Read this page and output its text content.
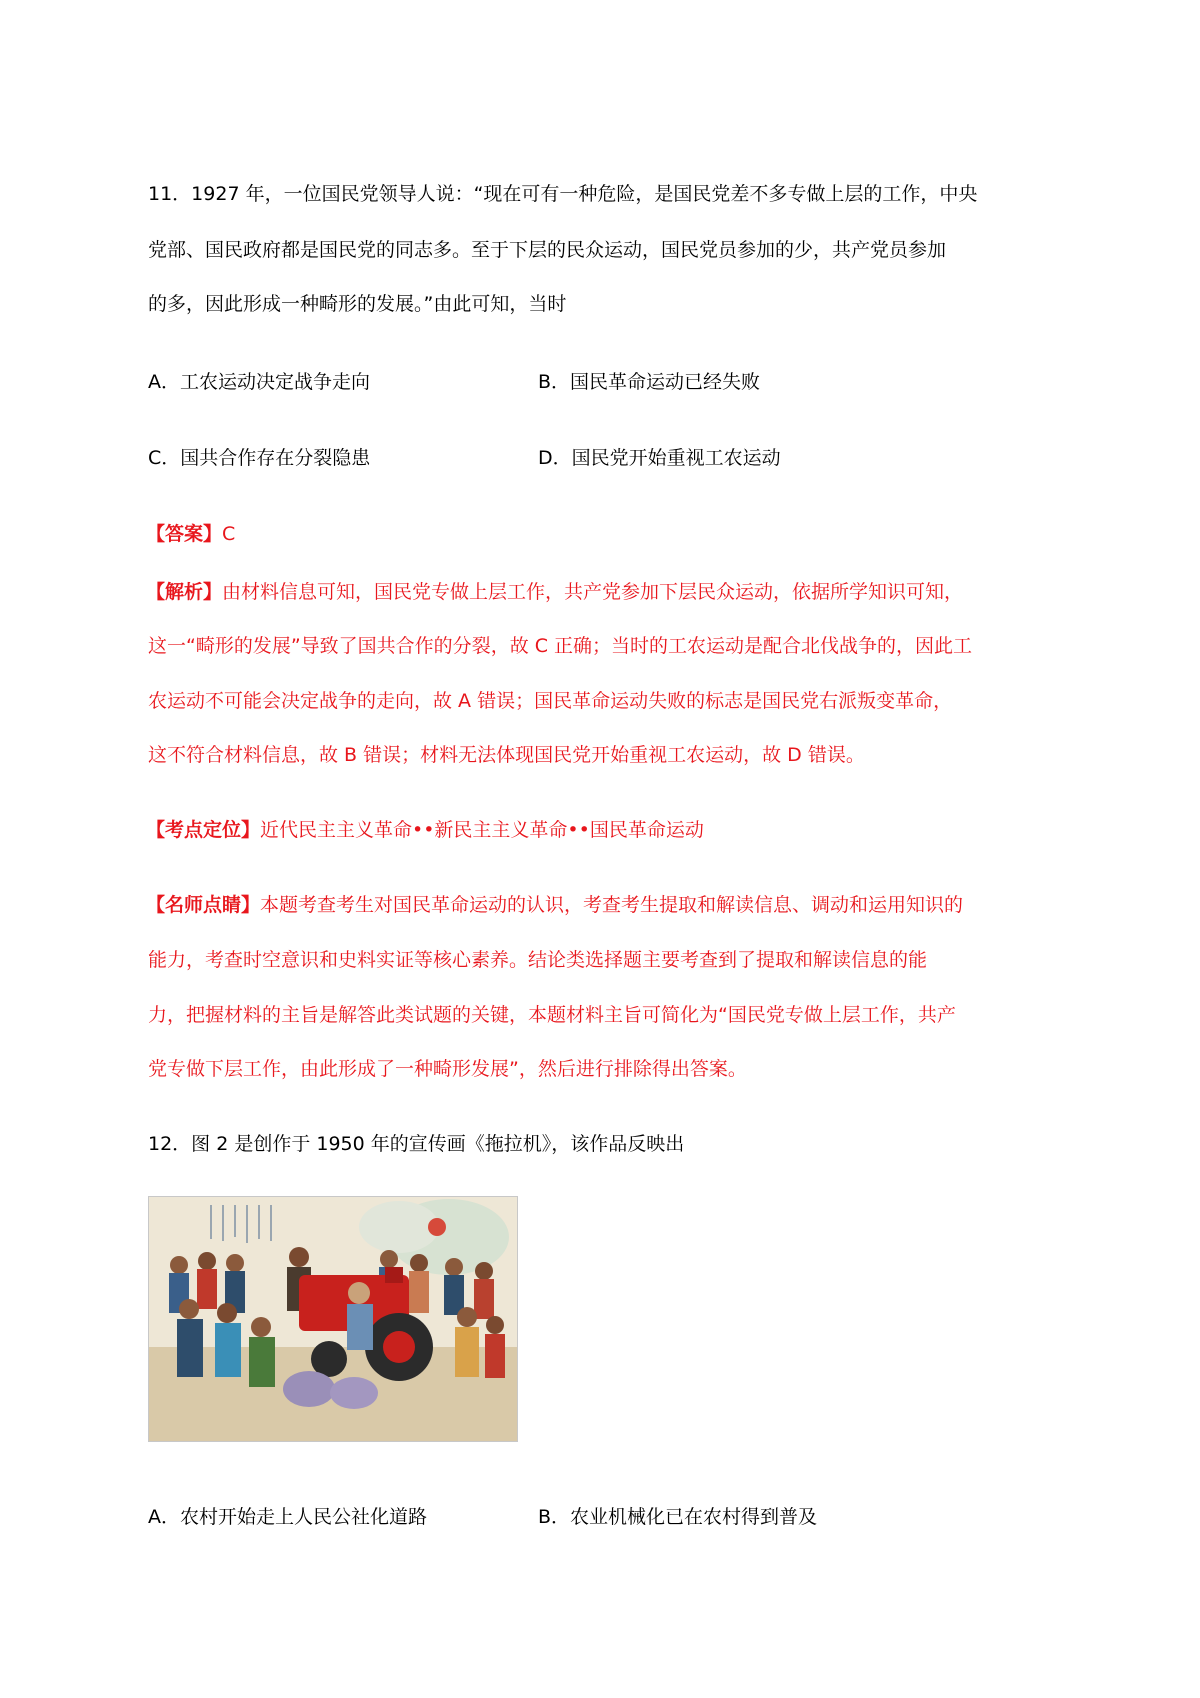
11．1927 年，一位国民党领导人说：“现在可有一种危险，是国民党差不多专做上层的工作，中央
党部、国民政府都是国民党的同志多。至于下层的民众运动，国民党员参加的少，共产党员参加
的多，因此形成一种畸形的发展。”由此可知，当时
A．工农运动决定战争走向	B．国民革命运动已经失败
C．国共合作存在分裂隐患	D．国民党开始重视工农运动
【答案】C
【解析】由材料信息可知，国民党专做上层工作，共产党参加下层民众运动，依据所学知识可知，
这一“畸形的发展”导致了国共合作的分裂，故 C 正确；当时的工农运动是配合北伐战争的，因此工
农运动不可能会决定战争的走向，故 A 错误；国民革命运动失败的标志是国民党右派叛变革命，
这不符合材料信息，故 B 错误；材料无法体现国民党开始重视工农运动，故 D 错误。
【考点定位】近代民主主义革命••新民主主义革命••国民革命运动
【名师点睛】本题考查考生对国民革命运动的认识，考查考生提取和解读信息、调动和运用知识的
能力，考查时空意识和史料实证等核心素养。结论类选择题主要考查到了提取和解读信息的能
力，把握材料的主旨是解答此类试题的关键，本题材料主旨可简化为“国民党专做上层工作，共产
党专做下层工作，由此形成了一种畸形发展”，然后进行排除得出答案。
12．图 2 是创作于 1950 年的宣传画《拖拉机》，该作品反映出
A．农村开始走上人民公社化道路	B．农业机械化已在农村得到普及
